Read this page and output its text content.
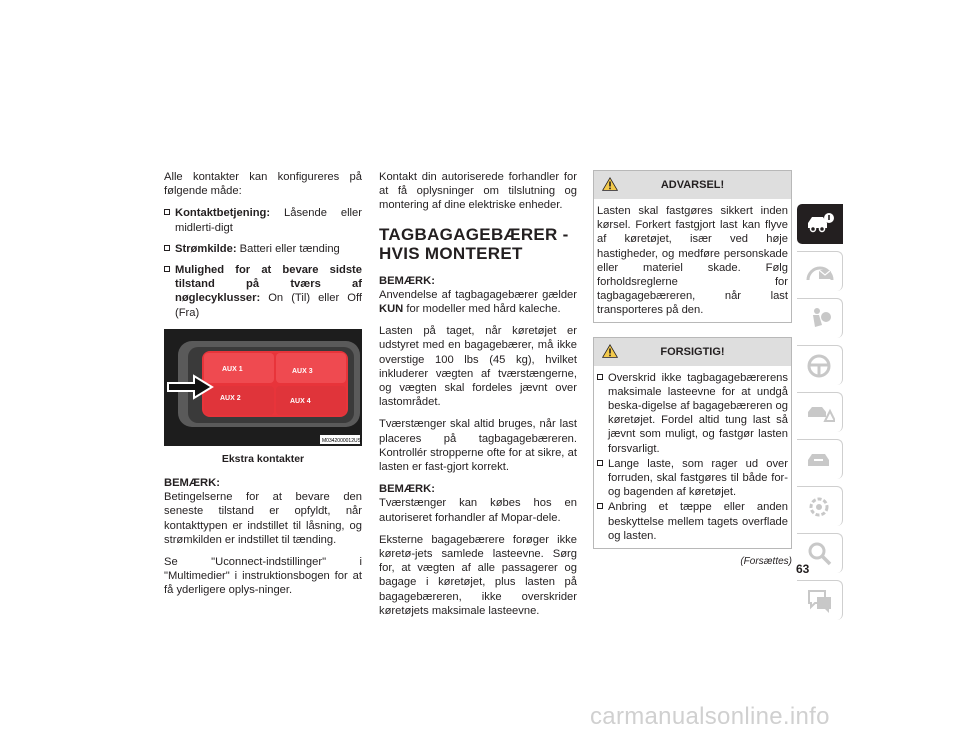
Alle kontakter kan konfigureres på følgende måde:

Kontaktbetjening: Låsende eller midlerti-digt
Strømkilde: Batteri eller tænding
Mulighed for at bevare sidste tilstand på tværs af nøglecyklusser: On (Til) eller Off (Fra)
AUX 1	AUX 3
AUX 2	AUX 4
M0342000012US
Ekstra kontakter

BEMÆRK:
Betingelserne for at bevare den seneste tilstand er opfyldt, når kontakttypen er indstillet til låsning, og strømkilden er indstillet til tænding.

Se "Uconnect-indstillinger" i "Multimedier" i instruktionsbogen for at få yderligere oplys-ninger.

Kontakt din autoriserede forhandler for at få oplysninger om tilslutning og montering af dine elektriske enheder.

TAGBAGAGEBÆRER - HVIS MONTERET

BEMÆRK:
Anvendelse af tagbagagebærer gælder KUN for modeller med hård kaleche.

Lasten på taget, når køretøjet er udstyret med en bagagebærer, må ikke overstige 100 lbs (45 kg), hvilket inkluderer vægten af tværstængerne, og vægten skal fordeles jævnt over lastområdet.

Tværstænger skal altid bruges, når last placeres på tagbagagebæreren. Kontrollér stropperne ofte for at sikre, at lasten er fast-gjort korrekt.

BEMÆRK:
Tværstænger kan købes hos en autoriseret forhandler af Mopar-dele.

Eksterne bagagebærere forøger ikke køretø-jets samlede lasteevne. Sørg for, at vægten af alle passagerer og bagage i køretøjet, plus lasten på bagagebæreren, ikke overskrider køretøjets maksimale lasteevne.

ADVARSEL!

Lasten skal fastgøres sikkert inden kørsel. Forkert fastgjort last kan flyve af køretøjet, især ved høje hastigheder, og medføre personskade eller materiel skade. Følg forholdsreglerne for tagbagagebæreren, når last transporteres på den.

FORSIGTIG!
Overskrid ikke tagbagagebærerens maksimale lasteevne for at undgå beska-digelse af bagagebæreren og køretøjet. Fordel altid tung last så jævnt som muligt, og fastgør lasten forsvarligt.
Lange laste, som rager ud over forruden, skal fastgøres til både for- og bagenden af køretøjet.
Anbring et tæppe eller anden beskyttelse mellem tagets overflade og lasten.
(Forsættes)
63
carmanualsonline.info
